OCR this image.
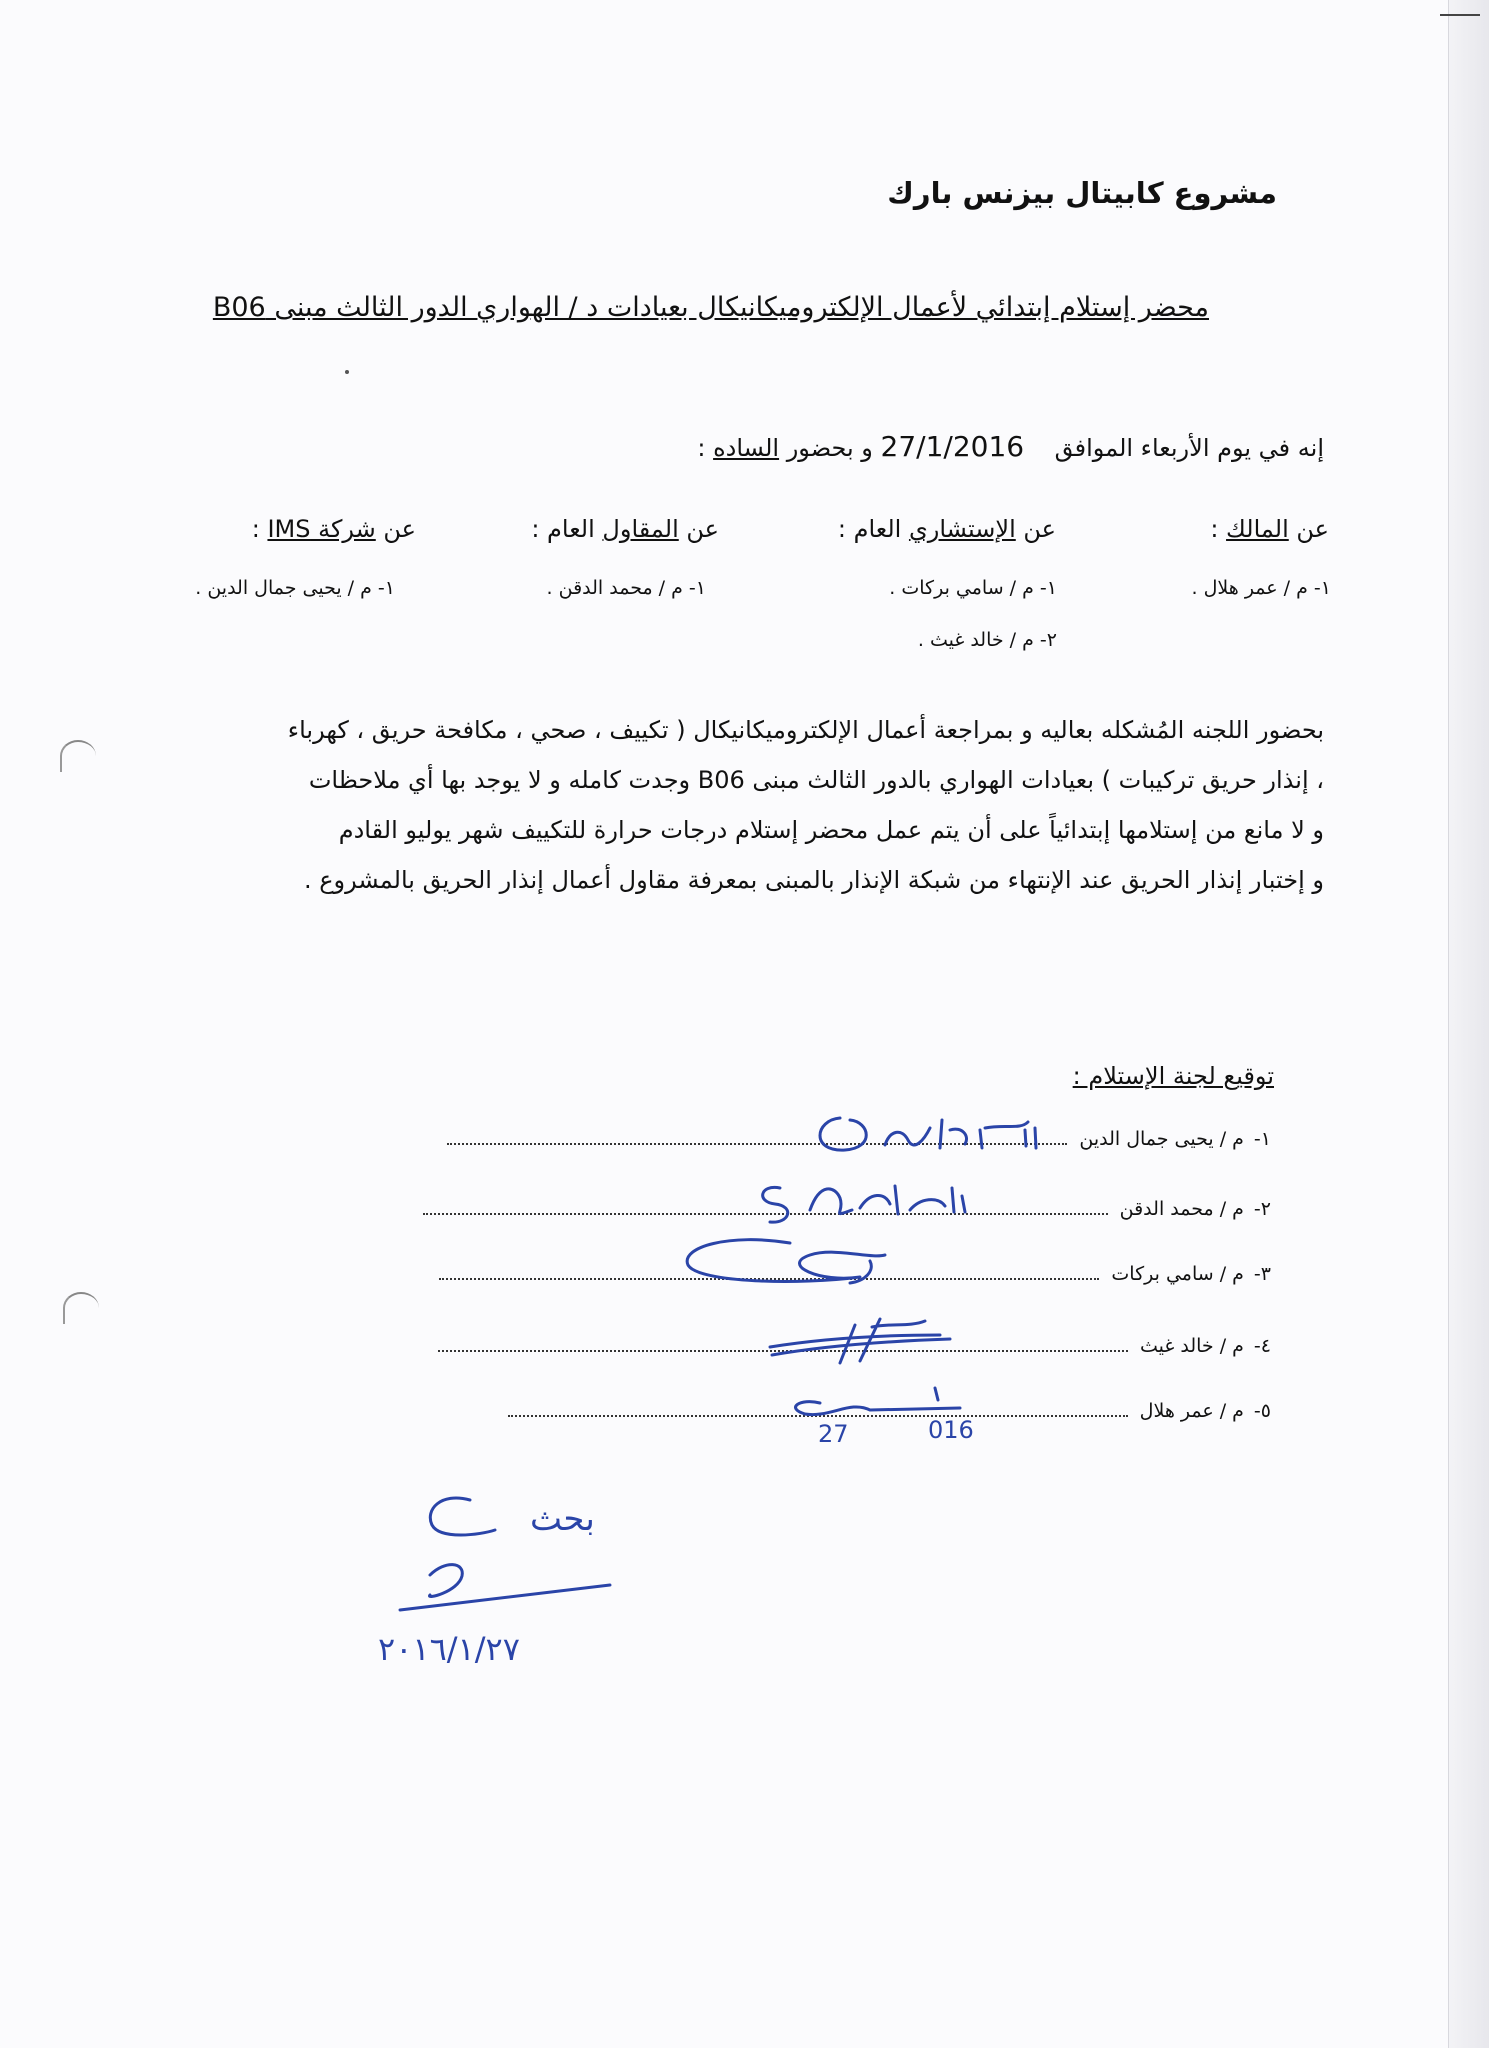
مشروع كابيتال بيزنس بارك
محضر إستلام إبتدائي لأعمال الإلكتروميكانيكال بعيادات د / الهواري الدور الثالث مبنى B06
إنه في يوم الأربعاء الموافق    27/1/2016 و بحضور الساده :
عن المالك :
عن الإستشاري العام :
عن المقاول العام :
عن شركة IMS :
١- م / عمر هلال .
١- م / سامي بركات .
٢- م / خالد غيث .
١- م / محمد الدقن .
١- م / يحيى جمال الدين .

بحضور اللجنه المُشكله بعاليه و بمراجعة أعمال الإلكتروميكانيكال ( تكييف ، صحي ، مكافحة حريق ، كهرباء

، إنذار حريق تركيبات ) بعيادات الهواري بالدور الثالث مبنى B06 وجدت كامله و لا يوجد بها أي ملاحظات

و لا مانع من إستلامها إبتدائياً على أن يتم عمل محضر إستلام درجات حرارة للتكييف شهر يوليو القادم

و إختبار إنذار الحريق عند الإنتهاء من شبكة الإنذار بالمبنى بمعرفة مقاول أعمال إنذار الحريق بالمشروع .

توقيع لجنة الإستلام :
١-
م / يحيى جمال الدين
٢-
م / محمد الدقن
٣-
م / سامي بركات
٤-
م / خالد غيث
٥-
م / عمر هلال
27	016
بحث
٢٠١٦/١/٢٧
